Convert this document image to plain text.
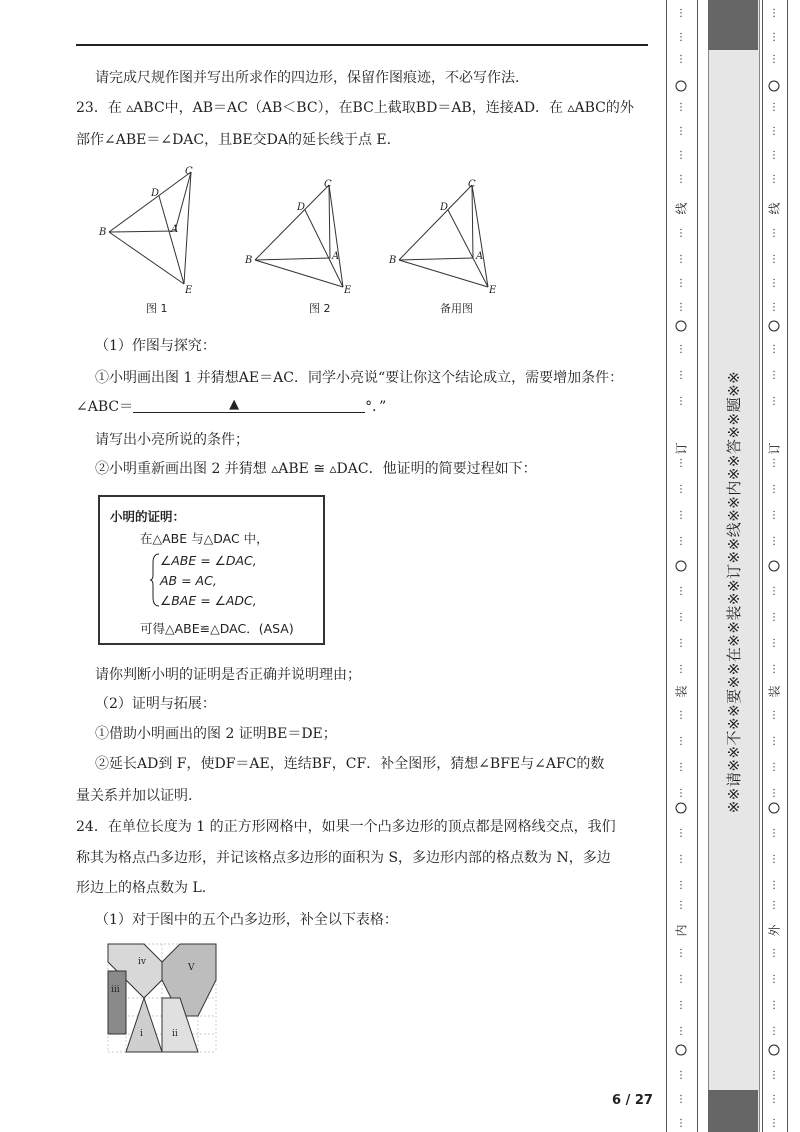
请完成尺规作图并写出所求作的四边形，保留作图痕迹，不必写作法.
23．在 ▵ABC中，AB＝AC（AB＜BC），在BC上截取BD＝AB，连接AD．在 ▵ABC的外
部作∠ABE＝∠DAC，且BE交DA的延长线于点 E.
B
C
D
A
E
B
C
D
A
E
B
C
D
A
E
图 1	图 2	备用图
（1）作图与探究：
①小明画出图 1 并猜想AE＝AC．同学小亮说“要让你这个结论成立，需要增加条件：
∠ABC＝	▲	°．”
请写出小亮所说的条件；
②小明重新画出图 2 并猜想 ▵ABE ≅ ▵DAC．他证明的简要过程如下：
小明的证明：
在△ABE 与△DAC 中，
∠ABE = ∠DAC,
AB = AC,
∠BAE = ∠ADC,
可得△ABE≌△DAC．(ASA)
请你判断小明的证明是否正确并说明理由；
（2）证明与拓展：
①借助小明画出的图 2 证明BE＝DE；
②延长AD到 F，使DF＝AE，连结BF，CF．补全图形，猜想∠BFE与∠AFC的数
量关系并加以证明.
24．在单位长度为 1 的正方形网格中，如果一个凸多边形的顶点都是网格线交点，我们
称其为格点凸多边形，并记该格点多边形的面积为 S，多边形内部的格点数为 N，多边
形边上的格点数为 L.
（1）对于图中的五个凸多边形，补全以下表格：
iv
V
iii
i	ii
6 / 27
※※请※※不※※要※※在※※装※※订※※线※※内※※答※※题※※
⋮
⋮
⋮
⋮
⋮
⋮
⋮
⋮
⋮
⋮
⋮
⋮
⋮
⋮
⋮
⋮
⋮
⋮
⋮
⋮
⋮
⋮
⋮
⋮
⋮
⋮
⋮
⋮
⋮
⋮
⋮
⋮
⋮
⋮
⋮
⋮
⋮
线
订
装
内
⋮
⋮
⋮
⋮
⋮
⋮
⋮
⋮
⋮
⋮
⋮
⋮
⋮
⋮
⋮
⋮
⋮
⋮
⋮
⋮
⋮
⋮
⋮
⋮
⋮
⋮
⋮
⋮
⋮
⋮
⋮
⋮
⋮
⋮
⋮
⋮
⋮
线
订
装
外
